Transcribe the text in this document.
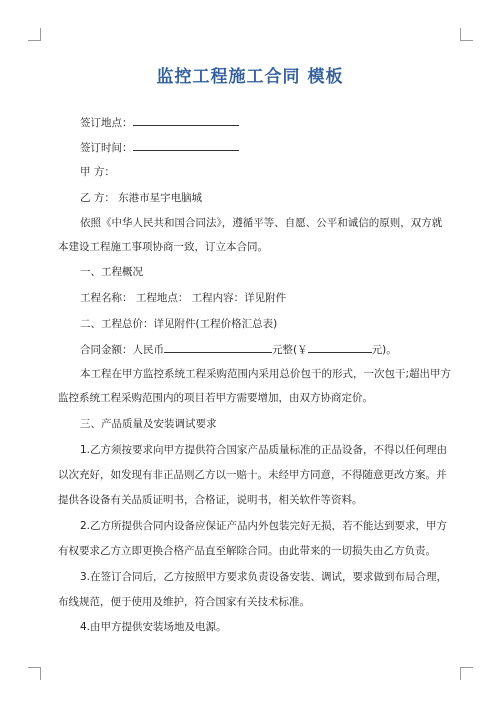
监控工程施工合同 模板
签订地点：
签订时间：
甲 方：
乙 方： 东港市星宇电脑城
依照《中华人民共和国合同法》，遵循平等、自愿、公平和诚信的原则，双方就
本建设工程施工事项协商一致，订立本合同。
一、工程概况
工程名称： 工程地点： 工程内容：详见附件
二、工程总价：详见附件(工程价格汇总表)
合同金额：人民币	元整(￥	元)。
本工程在甲方监控系统工程采购范围内采用总价包干的形式，一次包干;超出甲方
监控系统工程采购范围内的项目若甲方需要增加，由双方协商定价。
三、产品质量及安装调试要求
1.乙方须按要求向甲方提供符合国家产品质量标准的正品设备，不得以任何理由
以次充好，如发现有非正品则乙方以一赔十。未经甲方同意，不得随意更改方案。并
提供各设备有关品质证明书，合格证，说明书，相关软件等资料。
2.乙方所提供合同内设备应保证产品内外包装完好无损，若不能达到要求，甲方
有权要求乙方立即更换合格产品直至解除合同。由此带来的一切损失由乙方负责。
3.在签订合同后，乙方按照甲方要求负责设备安装、调试，要求做到布局合理，
布线规范，便于使用及维护，符合国家有关技术标准。
4.由甲方提供安装场地及电源。
